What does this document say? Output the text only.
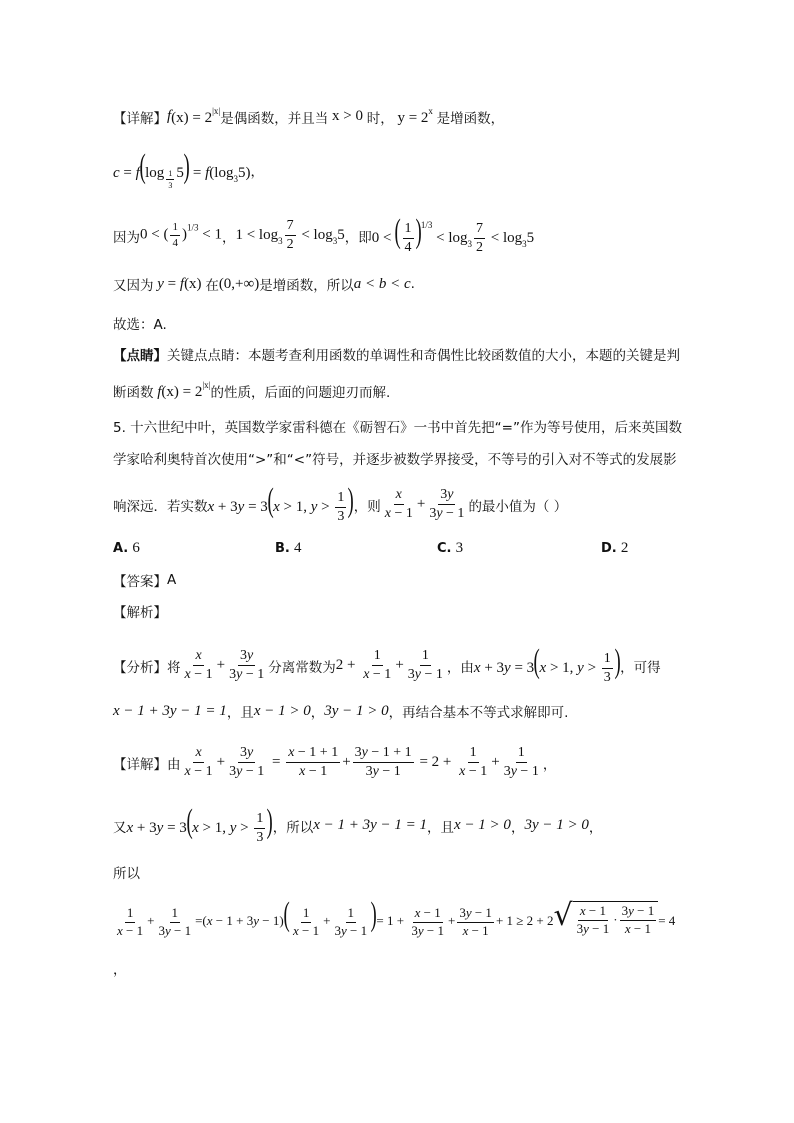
【详解】 f $(x) = 2^{|x|}$ 是偶函数，并且当 x > 0 时， $y = 2^x$ 是增函数，
c = f(log $_{\frac{1}{3}}$ $5) = f(\log_35)$ ，
因为 0 < ( $\frac{1}{4} )^{1/3} < 1$ ， $1 < \log_3 \frac{7}{2} < \log_35$ ，即 0 < ( $\frac{1}{4} )^{1/3} < \log_3 \frac{7}{2} < \log_35$
又因为 y = f(x) 在 (0,+∞) 是增函数，所以 a < b < c .
故选：A.
【点睛】 关键点点睛：本题考查利用函数的单调性和奇偶性比较函数值的大小，本题的关键是判
断函数 $f(x) = 2^{|x|}$ 的性质，后面的问题迎刃而解.
5. 十六世纪中叶，英国数学家雷科德在《砺智石》一书中首先把“=”作为等号使用，后来英国数
学家哈利奥特首次使用“>”和“<”符号，并逐步被数学界接受，不等号的引入对不等式的发展影
响深远．若实数 x + 3y = 3(x > 1, $y > \frac{1}{3}$ ) ，则 $\frac{x}{x - 1} + \frac{3y}{3y - 1}$ 的最小值为（ ）
A. 6	B. 4	C. 3	D. 2
【答案】 A
【解析】
【分析】 将 $\frac{x}{x - 1} + \frac{3y}{3y - 1}$ 分离常数为 $2 + \frac{1}{x - 1} + \frac{1}{3y - 1}$ ，由 x + 3y = 3(x > 1, $y > \frac{1}{3}$ ) ，可得
x − 1 + 3y − 1 = 1 ，且 x − 1 > 0 ， 3y − 1 > 0 ，再结合基本不等式求解即可.
【详解】 由 $\frac{x}{x - 1} + \frac{3y}{3y - 1} = \frac{x - 1 + 1}{x - 1} + \frac{3y - 1 + 1}{3y - 1} = 2 + \frac{1}{x - 1} + \frac{1}{3y - 1}$ ，
又 x + 3y = 3(x > 1, $y > \frac{1}{3}$ ) ，所以 x − 1 + 3y − 1 = 1 ，且 x − 1 > 0 ， 3y − 1 > 0 ，
所以
$\frac{1}{x - 1} + \frac{1}{3y - 1} =(x - 1 + 3y - 1)( \frac{1}{x - 1} + \frac{1}{3y - 1}$ )= $1 + \frac{x - 1}{3y - 1} + \frac{3y - 1}{x - 1} + 1 \ge 2 + 2$ √ $\frac{x - 1}{3y - 1} \cdot \frac{3y - 1}{x - 1} = 4$
，
